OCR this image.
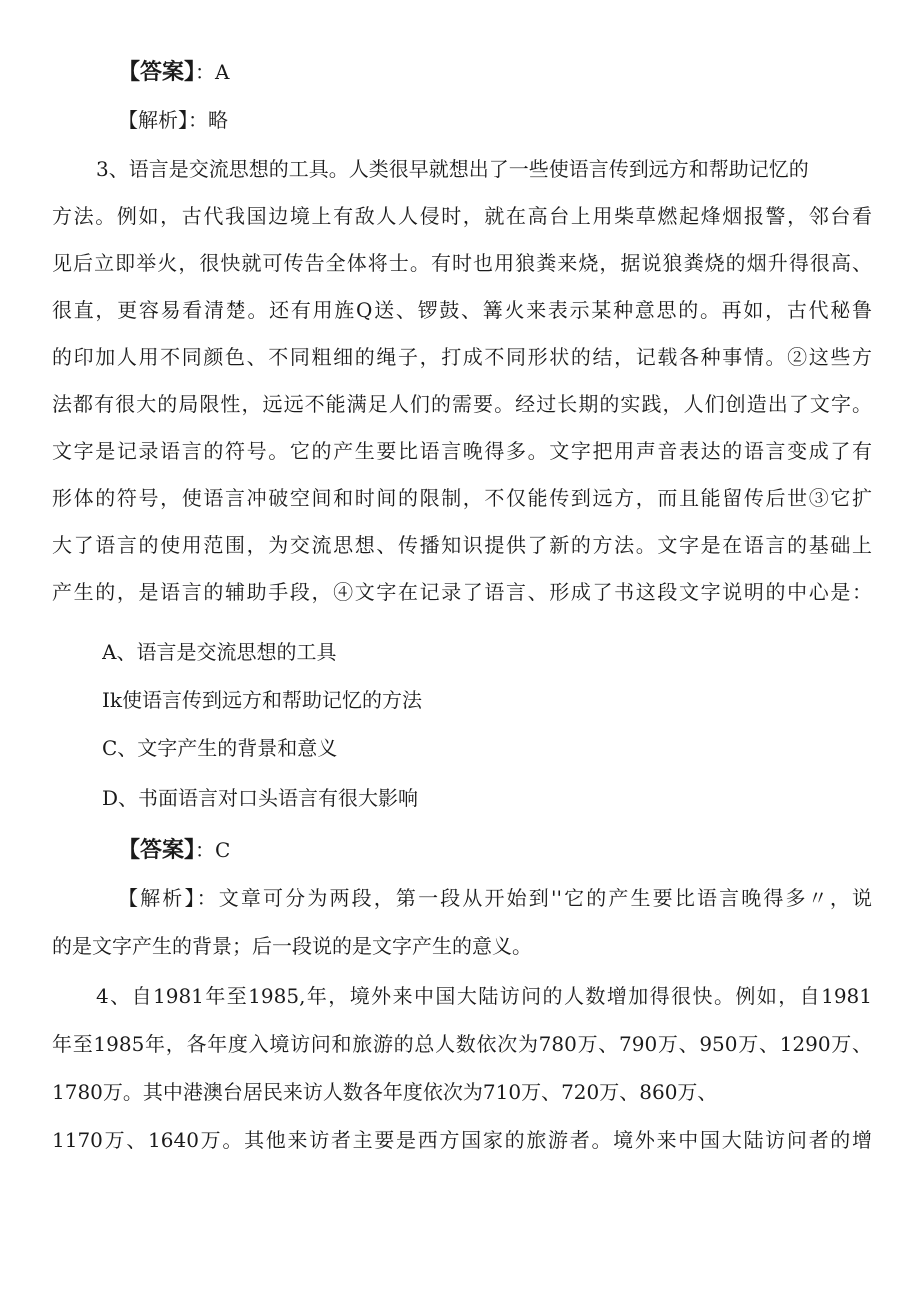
【答案】：A
【解析】：略
3、语言是交流思想的工具。人类很早就想出了一些使语言传到远方和帮助记忆的
方法。例如，古代我国边境上有敌人人侵时，就在高台上用柴草燃起烽烟报警，邻台看
见后立即举火，很快就可传告全体将士。有时也用狼粪来烧，据说狼粪烧的烟升得很高、
很直，更容易看清楚。还有用旌Q送、锣鼓、篝火来表示某种意思的。再如，古代秘鲁
的印加人用不同颜色、不同粗细的绳子，打成不同形状的结，记载各种事情。②这些方
法都有很大的局限性，远远不能满足人们的需要。经过长期的实践，人们创造出了文字。
文字是记录语言的符号。它的产生要比语言晚得多。文字把用声音表达的语言变成了有
形体的符号，使语言冲破空间和时间的限制，不仅能传到远方，而且能留传后世③它扩
大了语言的使用范围，为交流思想、传播知识提供了新的方法。文字是在语言的基础上
产生的，是语言的辅助手段，④文字在记录了语言、形成了书这段文字说明的中心是：
A、语言是交流思想的工具
Ik使语言传到远方和帮助记忆的方法
C、文字产生的背景和意义
D、书面语言对口头语言有很大影响
【答案】：C
【解析】：文章可分为两段，第一段从开始到''它的产生要比语言晚得多〃，说
的是文字产生的背景；后一段说的是文字产生的意义。
4、自1981年至1985,年，境外来中国大陆访问的人数增加得很快。例如，自1981
年至1985年，各年度入境访问和旅游的总人数依次为780万、790万、950万、1290万、
1780万。其中港澳台居民来访人数各年度依次为710万、720万、860万、
1170万、1640万。其他来访者主要是西方国家的旅游者。境外来中国大陆访问者的增
